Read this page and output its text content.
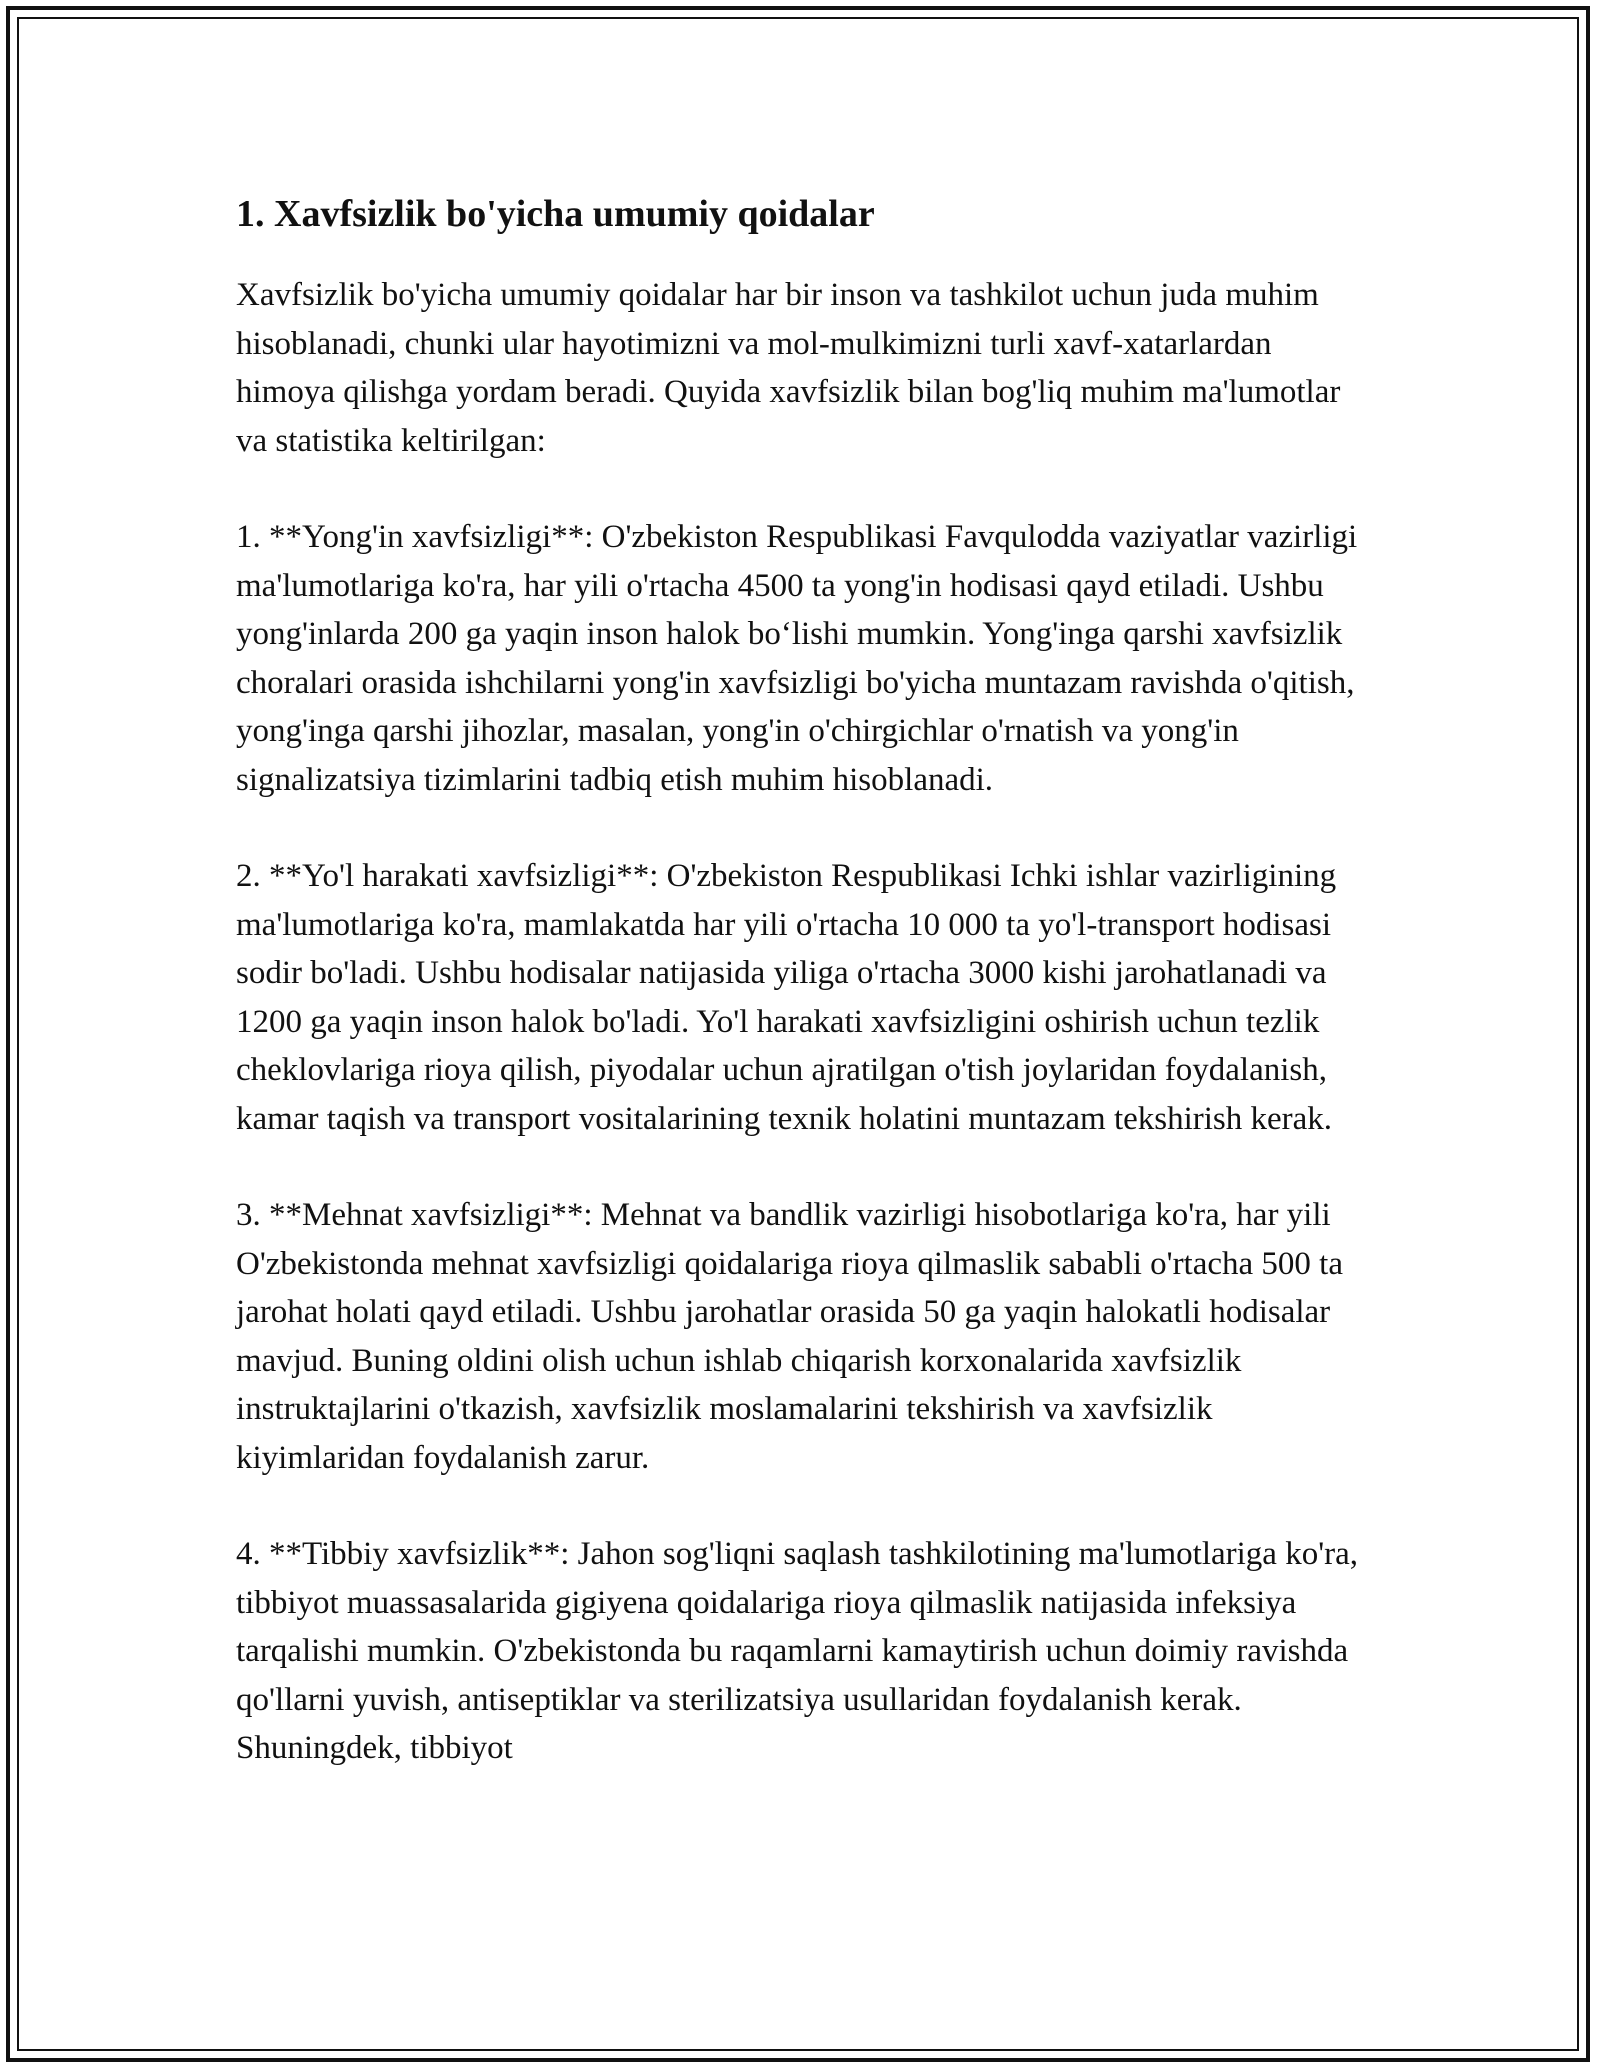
1. Xavfsizlik bo'yicha umumiy qoidalar

Xavfsizlik bo'yicha umumiy qoidalar har bir inson va tashkilot uchun juda muhim hisoblanadi, chunki ular hayotimizni va mol-mulkimizni turli xavf-xatarlardan himoya qilishga yordam beradi. Quyida xavfsizlik bilan bog'liq muhim ma'lumotlar va statistika keltirilgan:

1. **Yong'in xavfsizligi**: O'zbekiston Respublikasi Favqulodda vaziyatlar vazirligi ma'lumotlariga ko'ra, har yili o'rtacha 4500 ta yong'in hodisasi qayd etiladi. Ushbu yong'inlarda 200 ga yaqin inson halok bo‘lishi mumkin. Yong'inga qarshi xavfsizlik choralari orasida ishchilarni yong'in xavfsizligi bo'yicha muntazam ravishda o'qitish, yong'inga qarshi jihozlar, masalan, yong'in o'chirgichlar o'rnatish va yong'in signalizatsiya tizimlarini tadbiq etish muhim hisoblanadi.

2. **Yo'l harakati xavfsizligi**: O'zbekiston Respublikasi Ichki ishlar vazirligining ma'lumotlariga ko'ra, mamlakatda har yili o'rtacha 10 000 ta yo'l-transport hodisasi sodir bo'ladi. Ushbu hodisalar natijasida yiliga o'rtacha 3000 kishi jarohatlanadi va 1200 ga yaqin inson halok bo'ladi. Yo'l harakati xavfsizligini oshirish uchun tezlik cheklovlariga rioya qilish, piyodalar uchun ajratilgan o'tish joylaridan foydalanish, kamar taqish va transport vositalarining texnik holatini muntazam tekshirish kerak.

3. **Mehnat xavfsizligi**: Mehnat va bandlik vazirligi hisobotlariga ko'ra, har yili O'zbekistonda mehnat xavfsizligi qoidalariga rioya qilmaslik sababli o'rtacha 500 ta jarohat holati qayd etiladi. Ushbu jarohatlar orasida 50 ga yaqin halokatli hodisalar mavjud. Buning oldini olish uchun ishlab chiqarish korxonalarida xavfsizlik instruktajlarini o'tkazish, xavfsizlik moslamalarini tekshirish va xavfsizlik kiyimlaridan foydalanish zarur.

4. **Tibbiy xavfsizlik**: Jahon sog'liqni saqlash tashkilotining ma'lumotlariga ko'ra, tibbiyot muassasalarida gigiyena qoidalariga rioya qilmaslik natijasida infeksiya tarqalishi mumkin. O'zbekistonda bu raqamlarni kamaytirish uchun doimiy ravishda qo'llarni yuvish, antiseptiklar va sterilizatsiya usullaridan foydalanish kerak. Shuningdek, tibbiyot
